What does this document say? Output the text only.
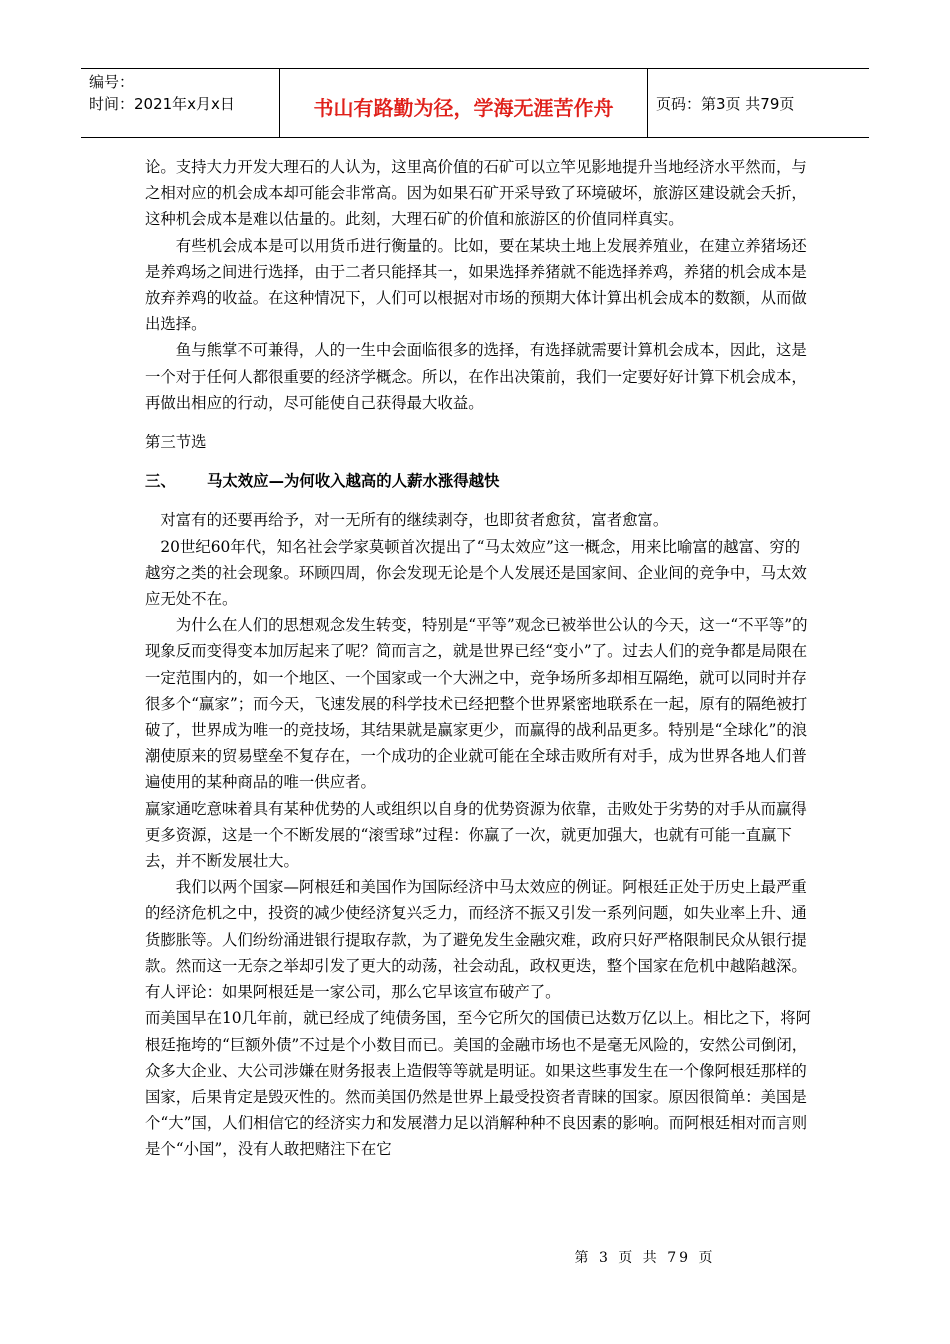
编号：
时间：2021年x月x日	书山有路勤为径，学海无涯苦作舟	页码：第3页 共79页

论。支持大力开发大理石的人认为，这里高价值的石矿可以立竿见影地提升当地经济水平然而，与之相对应的机会成本却可能会非常高。因为如果石矿开采导致了环境破坏，旅游区建设就会夭折，这种机会成本是难以估量的。此刻，大理石矿的价值和旅游区的价值同样真实。

有些机会成本是可以用货币进行衡量的。比如，要在某块土地上发展养殖业，在建立养猪场还是养鸡场之间进行选择，由于二者只能择其一，如果选择养猪就不能选择养鸡，养猪的机会成本是放弃养鸡的收益。在这种情况下，人们可以根据对市场的预期大体计算出机会成本的数额，从而做出选择。

鱼与熊掌不可兼得，人的一生中会面临很多的选择，有选择就需要计算机会成本，因此，这是一个对于任何人都很重要的经济学概念。所以，在作出决策前，我们一定要好好计算下机会成本，再做出相应的行动，尽可能使自己获得最大收益。

第三节选

三、 马太效应—为何收入越高的人薪水涨得越快

对富有的还要再给予，对一无所有的继续剥夺，也即贫者愈贫，富者愈富。

20世纪60年代，知名社会学家莫顿首次提出了“马太效应”这一概念，用来比喻富的越富、穷的越穷之类的社会现象。环顾四周，你会发现无论是个人发展还是国家间、企业间的竞争中，马太效应无处不在。

为什么在人们的思想观念发生转变，特别是“平等”观念已被举世公认的今天，这一“不平等”的现象反而变得变本加厉起来了呢？简而言之，就是世界已经“变小”了。过去人们的竞争都是局限在一定范围内的，如一个地区、一个国家或一个大洲之中，竞争场所多却相互隔绝，就可以同时并存很多个“赢家”；而今天，飞速发展的科学技术已经把整个世界紧密地联系在一起，原有的隔绝被打破了，世界成为唯一的竞技场，其结果就是赢家更少，而赢得的战利品更多。特别是“全球化”的浪潮使原来的贸易壁垒不复存在，一个成功的企业就可能在全球击败所有对手，成为世界各地人们普遍使用的某种商品的唯一供应者。

赢家通吃意味着具有某种优势的人或组织以自身的优势资源为依靠，击败处于劣势的对手从而赢得更多资源，这是一个不断发展的“滚雪球”过程：你赢了一次，就更加强大，也就有可能一直赢下去，并不断发展壮大。

我们以两个国家—阿根廷和美国作为国际经济中马太效应的例证。阿根廷正处于历史上最严重的经济危机之中，投资的减少使经济复兴乏力，而经济不振又引发一系列问题，如失业率上升、通货膨胀等。人们纷纷涌进银行提取存款，为了避免发生金融灾难，政府只好严格限制民众从银行提款。然而这一无奈之举却引发了更大的动荡，社会动乱，政权更迭，整个国家在危机中越陷越深。有人评论：如果阿根廷是一家公司，那么它早该宣布破产了。

而美国早在10几年前，就已经成了纯债务国，至今它所欠的国债已达数万亿以上。相比之下，将阿根廷拖垮的“巨额外债”不过是个小数目而已。美国的金融市场也不是毫无风险的，安然公司倒闭，众多大企业、大公司涉嫌在财务报表上造假等等就是明证。如果这些事发生在一个像阿根廷那样的国家，后果肯定是毁灭性的。然而美国仍然是世界上最受投资者青睐的国家。原因很简单：美国是个“大”国，人们相信它的经济实力和发展潜力足以消解种种不良因素的影响。而阿根廷相对而言则是个“小国”，没有人敢把赌注下在它

第 3 页 共 79 页
